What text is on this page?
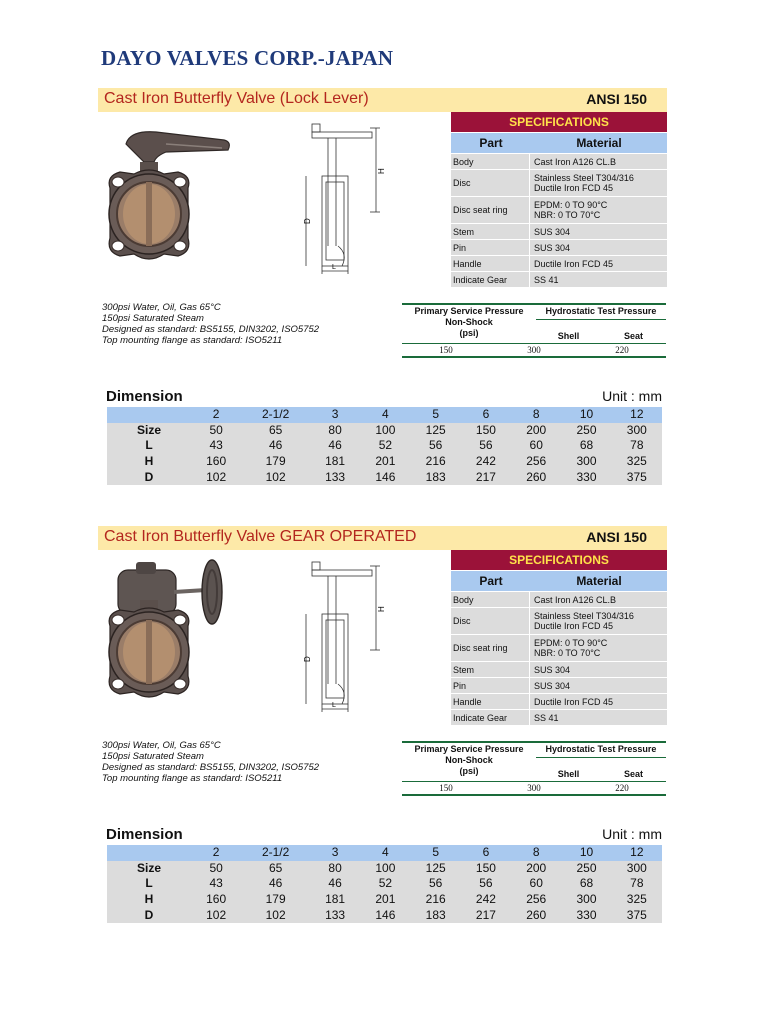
DAYO VALVES CORP.-JAPAN
Cast Iron Butterfly Valve (Lock Lever)	ANSI 150
H
D
L
SPECIFICATIONS
Part	Material
Body	Cast Iron A126 CL.B
Disc	Stainless Steel T304/316
Ductile Iron FCD 45
Disc seat ring	EPDM: 0 TO 90°C
NBR: 0 TO 70°C
Stem	SUS 304
Pin	SUS 304
Handle	Ductile Iron FCD 45
Indicate Gear	SS 41
300psi Water, Oil, Gas 65°C
150psi Saturated Steam
Designed as standard: BS5155, DIN3202, ISO5752
Top mounting flange as standard: ISO5211
Primary Service Pressure
Non-Shock
(psi)
Hydrostatic Test Pressure
Shell	Seat
150	300	220
Dimension	Unit : mm
	2	2-1/2	3	4	5	6	8	10	12
Size	50	65	80	100	125	150	200	250	300
L	43	46	46	52	56	56	60	68	78
H	160	179	181	201	216	242	256	300	325
D	102	102	133	146	183	217	260	330	375
Cast Iron Butterfly Valve GEAR OPERATED	ANSI 150
H
D
L
SPECIFICATIONS
Part	Material
Body	Cast Iron A126 CL.B
Disc	Stainless Steel T304/316
Ductile Iron FCD 45
Disc seat ring	EPDM: 0 TO 90°C
NBR: 0 TO 70°C
Stem	SUS 304
Pin	SUS 304
Handle	Ductile Iron FCD 45
Indicate Gear	SS 41
300psi Water, Oil, Gas 65°C
150psi Saturated Steam
Designed as standard: BS5155, DIN3202, ISO5752
Top mounting flange as standard: ISO5211
Primary Service Pressure
Non-Shock
(psi)
Hydrostatic Test Pressure
Shell	Seat
150	300	220
Dimension	Unit : mm
	2	2-1/2	3	4	5	6	8	10	12
Size	50	65	80	100	125	150	200	250	300
L	43	46	46	52	56	56	60	68	78
H	160	179	181	201	216	242	256	300	325
D	102	102	133	146	183	217	260	330	375
